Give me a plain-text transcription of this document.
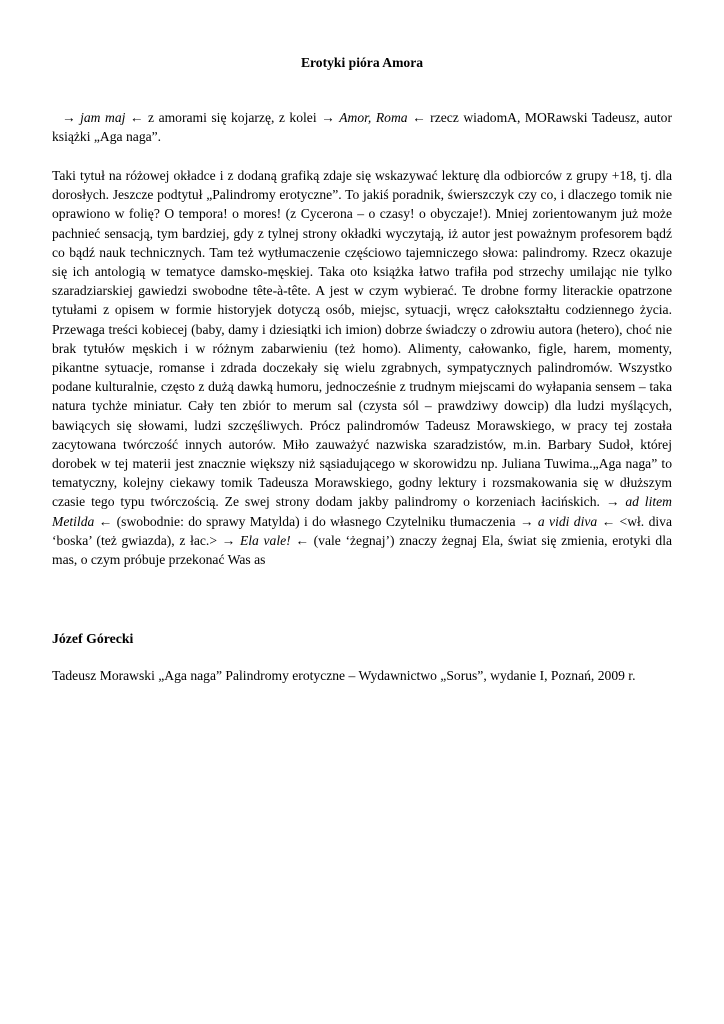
Erotyki pióra Amora

→ jam maj ← z amorami się kojarzę, z kolei → Amor, Roma ← rzecz wiadomA, MORawski Tadeusz, autor książki „Aga naga”.

Taki tytuł na różowej okładce i z dodaną grafiką zdaje się wskazywać lekturę dla odbiorców z grupy +18, tj. dla dorosłych. Jeszcze podtytuł „Palindromy erotyczne”. To jakiś poradnik, świerszczyk czy co, i dlaczego tomik nie oprawiono w folię? O tempora! o mores! (z Cycerona – o czasy! o obyczaje!). Mniej zorientowanym już może pachnieć sensacją, tym bardziej, gdy z tylnej strony okładki wyczytają, iż autor jest poważnym profesorem bądź co bądź nauk technicznych. Tam też wytłumaczenie częściowo tajemniczego słowa: palindromy. Rzecz okazuje się ich antologią w tematyce damsko-męskiej. Taka oto książka łatwo trafiła pod strzechy umilając nie tylko szaradziarskiej gawiedzi swobodne tête-à-tête. A jest w czym wybierać. Te drobne formy literackie opatrzone tytułami z opisem w formie historyjek dotyczą osób, miejsc, sytuacji, wręcz całokształtu codziennego życia. Przewaga treści kobiecej (baby, damy i dziesiątki ich imion) dobrze świadczy o zdrowiu autora (hetero), choć nie brak tytułów męskich i w różnym zabarwieniu (też homo). Alimenty, całowanko, figle, harem, momenty, pikantne sytuacje, romanse i zdrada doczekały się wielu zgrabnych, sympatycznych palindromów. Wszystko podane kulturalnie, często z dużą dawką humoru, jednocześnie z trudnym miejscami do wyłapania sensem – taka natura tychże miniatur. Cały ten zbiór to merum sal (czysta sól – prawdziwy dowcip) dla ludzi myślących, bawiących się słowami, ludzi szczęśliwych. Prócz palindromów Tadeusz Morawskiego, w pracy tej została zacytowana twórczość innych autorów. Miło zauważyć nazwiska szaradzistów, m.in. Barbary Sudoł, której dorobek w tej materii jest znacznie większy niż sąsiadującego w skorowidzu np. Juliana Tuwima.„Aga naga” to tematyczny, kolejny ciekawy tomik Tadeusza Morawskiego, godny lektury i rozsmakowania się w dłuższym czasie tego typu twórczością. Ze swej strony dodam jakby palindromy o korzeniach łacińskich. → ad litem Metilda ← (swobodnie: do sprawy Matylda) i do własnego Czytelniku tłumaczenia → a vidi diva ← <wł. diva ‘boska’ (też gwiazda), z łac.> → Ela vale! ← (vale ‘żegnaj’) znaczy żegnaj Ela, świat się zmienia, erotyki dla mas, o czym próbuje przekonać Was as

Józef Górecki

Tadeusz Morawski „Aga naga” Palindromy erotyczne – Wydawnictwo „Sorus”, wydanie I, Poznań, 2009 r.
